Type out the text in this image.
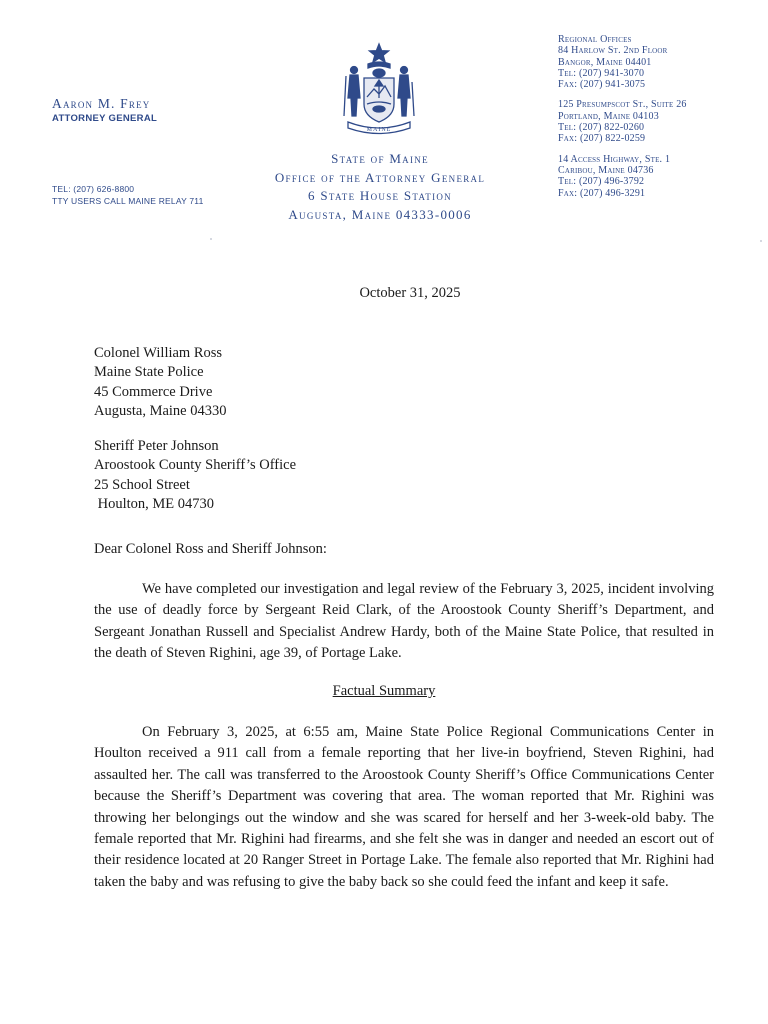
Aaron M. Frey
ATTORNEY GENERAL
TEL: (207) 626-8800
TTY USERS CALL MAINE RELAY 711
MAINE
State of Maine
Office of the Attorney General
6 State House Station
Augusta, Maine 04333-0006
Regional Offices
84 Harlow St. 2nd Floor
Bangor, Maine 04401
Tel: (207) 941-3070
Fax: (207) 941-3075
125 Presumpscot St., Suite 26
Portland, Maine 04103
Tel: (207) 822-0260
Fax: (207) 822-0259
14 Access Highway, Ste. 1
Caribou, Maine 04736
Tel: (207) 496-3792
Fax: (207) 496-3291
October 31, 2025
Colonel William Ross
Maine State Police
45 Commerce Drive
Augusta, Maine 04330
Sheriff Peter Johnson
Aroostook County Sheriff’s Office
25 School Street
Houlton, ME 04730
Dear Colonel Ross and Sheriff Johnson:

We have completed our investigation and legal review of the February 3, 2025, incident involving the use of deadly force by Sergeant Reid Clark, of the Aroostook County Sheriff’s Department, and Sergeant Jonathan Russell and Specialist Andrew Hardy, both of the Maine State Police, that resulted in the death of Steven Righini, age 39, of Portage Lake.

Factual Summary

On February 3, 2025, at 6:55 am, Maine State Police Regional Communications Center in Houlton received a 911 call from a female reporting that her live-in boyfriend, Steven Righini, had assaulted her. The call was transferred to the Aroostook County Sheriff’s Office Communications Center because the Sheriff’s Department was covering that area. The woman reported that Mr. Righini was throwing her belongings out the window and she was scared for herself and her 3-week-old baby. The female reported that Mr. Righini had firearms, and she felt she was in danger and needed an escort out of their residence located at 20 Ranger Street in Portage Lake. The female also reported that Mr. Righini had taken the baby and was refusing to give the baby back so she could feed the infant and keep it safe.
